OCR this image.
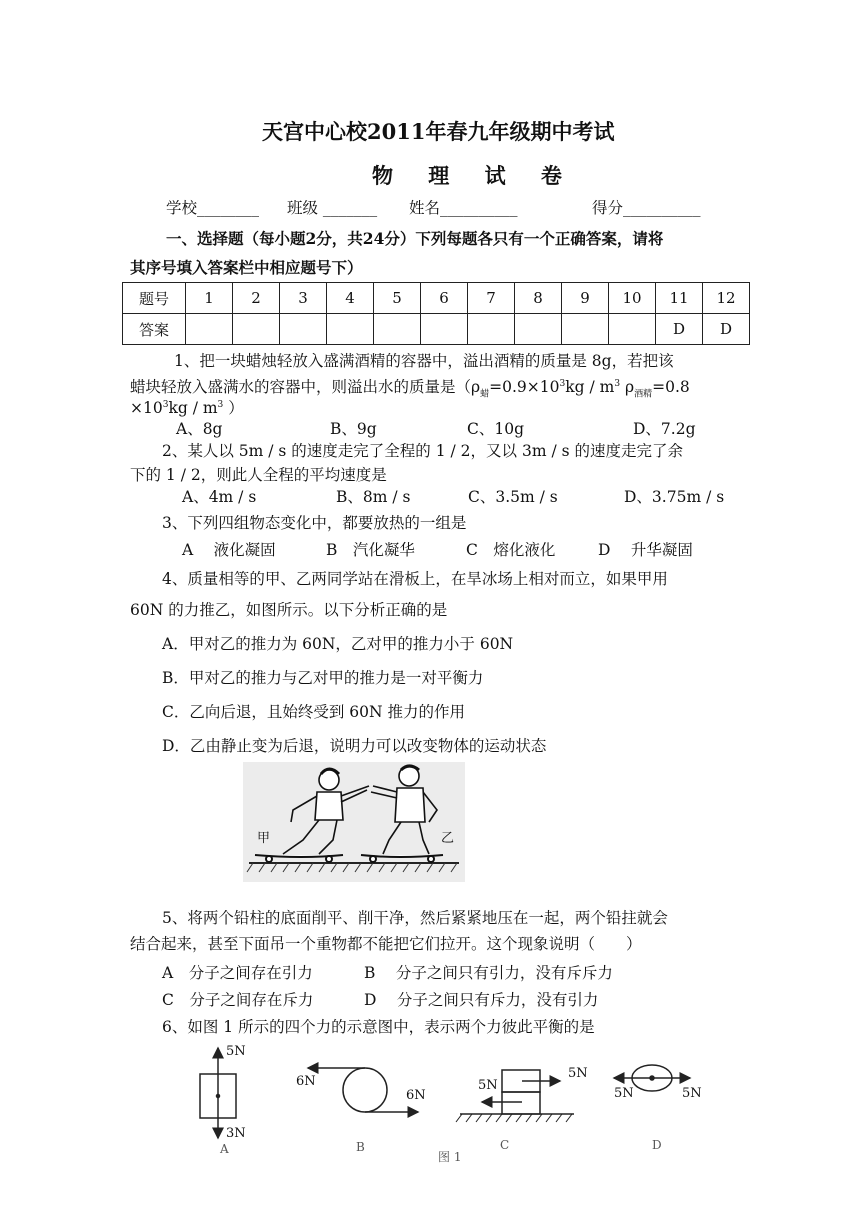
天宫中心校2011年春九年级期中考试
物 理 试 卷
学校________ 班级 _______ 姓名__________	得分__________
一、选择题（每小题2分，共24分）下列每题各只有一个正确答案，请将
其序号填入答案栏中相应题号下）
题号	1	2	3	4	5	6	7	8	9	10	11	12
答案											D	D
1、把一块蜡烛轻放入盛满酒精的容器中，溢出酒精的质量是 8g，若把该
蜡块轻放入盛满水的容器中，则溢出水的质量是（$\rho_蜡=0.9\times 10^3kg / m^3$ $\rho_{酒精}=0.8$
$\times 10^3kg / m^3$ ）
A、8g	B、9g	C、10g	D、7.2g
2、某人以 5m / s 的速度走完了全程的 1 / 2，又以 3m / s 的速度走完了余
下的 1 / 2，则此人全程的平均速度是
A、4m / s	B、8m / s	C、3.5m / s	D、3.75m / s
3、下列四组物态变化中，都要放热的一组是
A　 液化凝固	B　汽化凝华	C　熔化液化	D　 升华凝固
4、质量相等的甲、乙两同学站在滑板上，在旱冰场上相对而立，如果甲用
60N 的力推乙，如图所示。以下分析正确的是
A．甲对乙的推力为 60N，乙对甲的推力小于 60N
B．甲对乙的推力与乙对甲的推力是一对平衡力
C．乙向后退，且始终受到 60N 推力的作用
D．乙由静止变为后退，说明力可以改变物体的运动状态
甲	乙
5、将两个铅柱的底面削平、削干净，然后紧紧地压在一起，两个铅拄就会
结合起来，甚至下面吊一个重物都不能把它们拉开。这个现象说明（　　）
A　分子之间存在引力	B　 分子之间只有引力，没有斥斥力
C　分子之间存在斥力	D　 分子之间只有斥力，没有引力
6、如图 1 所示的四个力的示意图中，表示两个力彼此平衡的是
5N
3N
A
6N
6N
B
5N
5N
C
5N	5N
D
图 1
